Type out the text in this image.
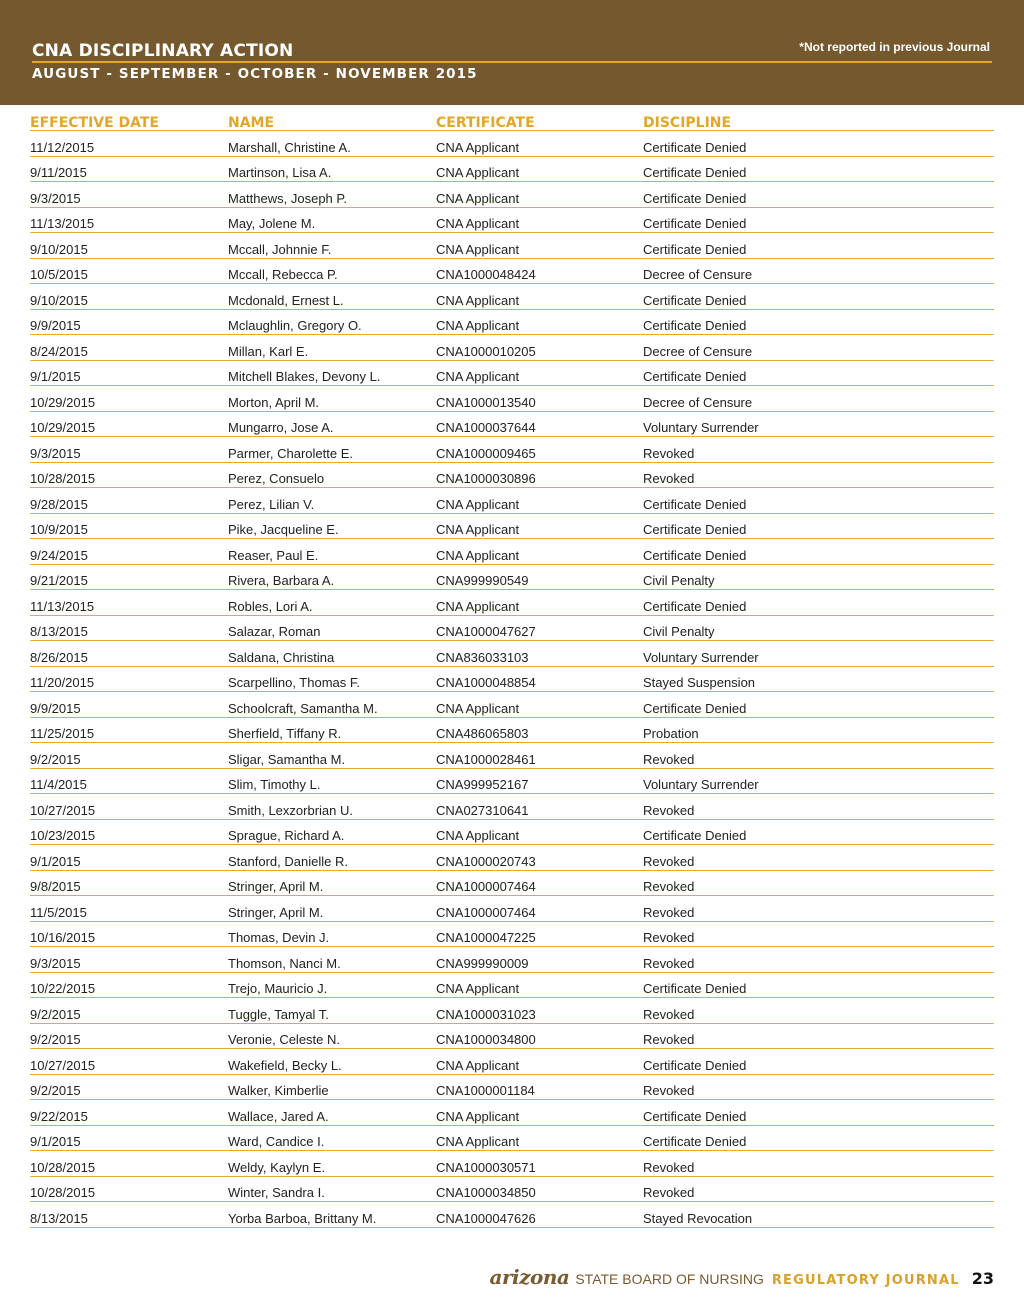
CNA DISCIPLINARY ACTION	*Not reported in previous Journal
AUGUST - SEPTEMBER - OCTOBER - NOVEMBER 2015
EFFECTIVE DATE	NAME	CERTIFICATE	DISCIPLINE
11/12/2015	Marshall, Christine A.	CNA Applicant	Certificate Denied
9/11/2015	Martinson, Lisa A.	CNA Applicant	Certificate Denied
9/3/2015	Matthews, Joseph P.	CNA Applicant	Certificate Denied
11/13/2015	May, Jolene M.	CNA Applicant	Certificate Denied
9/10/2015	Mccall, Johnnie F.	CNA Applicant	Certificate Denied
10/5/2015	Mccall, Rebecca P.	CNA1000048424	Decree of Censure
9/10/2015	Mcdonald, Ernest L.	CNA Applicant	Certificate Denied
9/9/2015	Mclaughlin, Gregory O.	CNA Applicant	Certificate Denied
8/24/2015	Millan, Karl E.	CNA1000010205	Decree of Censure
9/1/2015	Mitchell Blakes, Devony L.	CNA Applicant	Certificate Denied
10/29/2015	Morton, April M.	CNA1000013540	Decree of Censure
10/29/2015	Mungarro, Jose A.	CNA1000037644	Voluntary Surrender
9/3/2015	Parmer, Charolette E.	CNA1000009465	Revoked
10/28/2015	Perez, Consuelo	CNA1000030896	Revoked
9/28/2015	Perez, Lilian V.	CNA Applicant	Certificate Denied
10/9/2015	Pike, Jacqueline E.	CNA Applicant	Certificate Denied
9/24/2015	Reaser, Paul E.	CNA Applicant	Certificate Denied
9/21/2015	Rivera, Barbara A.	CNA999990549	Civil Penalty
11/13/2015	Robles, Lori A.	CNA Applicant	Certificate Denied
8/13/2015	Salazar, Roman	CNA1000047627	Civil Penalty
8/26/2015	Saldana, Christina	CNA836033103	Voluntary Surrender
11/20/2015	Scarpellino, Thomas F.	CNA1000048854	Stayed Suspension
9/9/2015	Schoolcraft, Samantha M.	CNA Applicant	Certificate Denied
11/25/2015	Sherfield, Tiffany R.	CNA486065803	Probation
9/2/2015	Sligar, Samantha M.	CNA1000028461	Revoked
11/4/2015	Slim, Timothy L.	CNA999952167	Voluntary Surrender
10/27/2015	Smith, Lexzorbrian U.	CNA027310641	Revoked
10/23/2015	Sprague, Richard A.	CNA Applicant	Certificate Denied
9/1/2015	Stanford, Danielle R.	CNA1000020743	Revoked
9/8/2015	Stringer, April M.	CNA1000007464	Revoked
11/5/2015	Stringer, April M.	CNA1000007464	Revoked
10/16/2015	Thomas, Devin J.	CNA1000047225	Revoked
9/3/2015	Thomson, Nanci M.	CNA999990009	Revoked
10/22/2015	Trejo, Mauricio J.	CNA Applicant	Certificate Denied
9/2/2015	Tuggle, Tamyal T.	CNA1000031023	Revoked
9/2/2015	Veronie, Celeste N.	CNA1000034800	Revoked
10/27/2015	Wakefield, Becky L.	CNA Applicant	Certificate Denied
9/2/2015	Walker, Kimberlie	CNA1000001184	Revoked
9/22/2015	Wallace, Jared A.	CNA Applicant	Certificate Denied
9/1/2015	Ward, Candice I.	CNA Applicant	Certificate Denied
10/28/2015	Weldy, Kaylyn E.	CNA1000030571	Revoked
10/28/2015	Winter, Sandra I.	CNA1000034850	Revoked
8/13/2015	Yorba Barboa, Brittany M.	CNA1000047626	Stayed Revocation
arizona STATE BOARD OF NURSING REGULATORY JOURNAL 23
